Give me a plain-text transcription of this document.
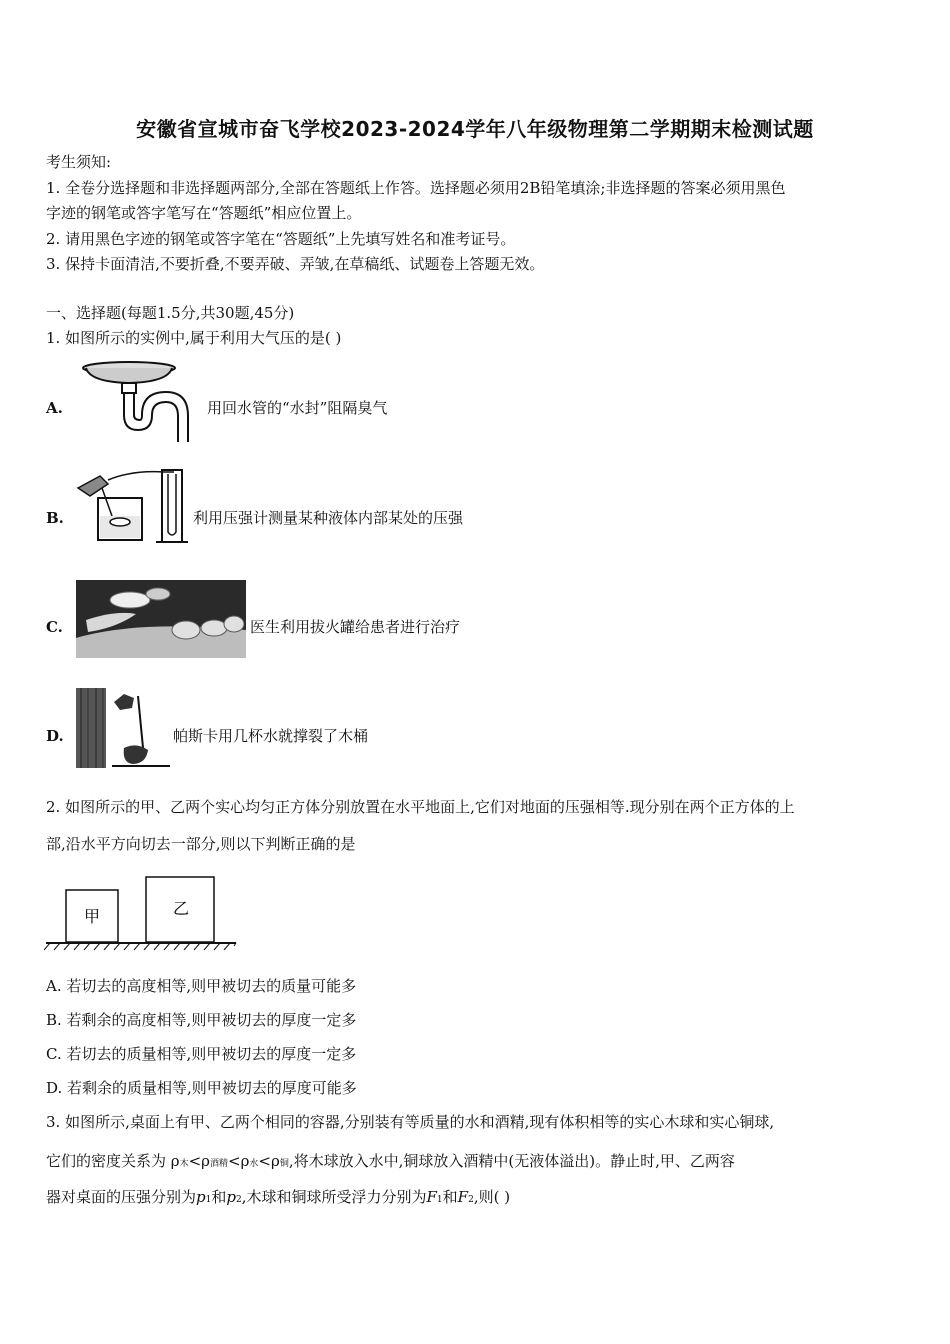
安徽省宣城市奋飞学校2023-2024学年八年级物理第二学期期末检测试题
考生须知:
1. 全卷分选择题和非选择题两部分,全部在答题纸上作答。选择题必须用2B铅笔填涂;非选择题的答案必须用黑色
字迹的钢笔或答字笔写在“答题纸”相应位置上。
2. 请用黑色字迹的钢笔或答字笔在“答题纸”上先填写姓名和准考证号。
3. 保持卡面清洁,不要折叠,不要弄破、弄皱,在草稿纸、试题卷上答题无效。
一、选择题(每题1.5分,共30题,45分)
1. 如图所示的实例中,属于利用大气压的是( )
A.	用回水管的“水封”阻隔臭气
B.	利用压强计测量某种液体内部某处的压强
C.	医生利用拔火罐给患者进行治疗
D.	帕斯卡用几杯水就撑裂了木桶
2. 如图所示的甲、乙两个实心均匀正方体分别放置在水平地面上,它们对地面的压强相等.现分别在两个正方体的上
部,沿水平方向切去一部分,则以下判断正确的是
甲	乙
A. 若切去的高度相等,则甲被切去的质量可能多
B. 若剩余的高度相等,则甲被切去的厚度一定多
C. 若切去的质量相等,则甲被切去的厚度一定多
D. 若剩余的质量相等,则甲被切去的厚度可能多
3. 如图所示,桌面上有甲、乙两个相同的容器,分别装有等质量的水和酒精,现有体积相等的实心木球和实心铜球,
它们的密度关系为 ρ木<ρ酒精<ρ水<ρ铜,将木球放入水中,铜球放入酒精中(无液体溢出)。静止时,甲、乙两容
器对桌面的压强分别为p1和p2,木球和铜球所受浮力分别为F1和F2,则( )
